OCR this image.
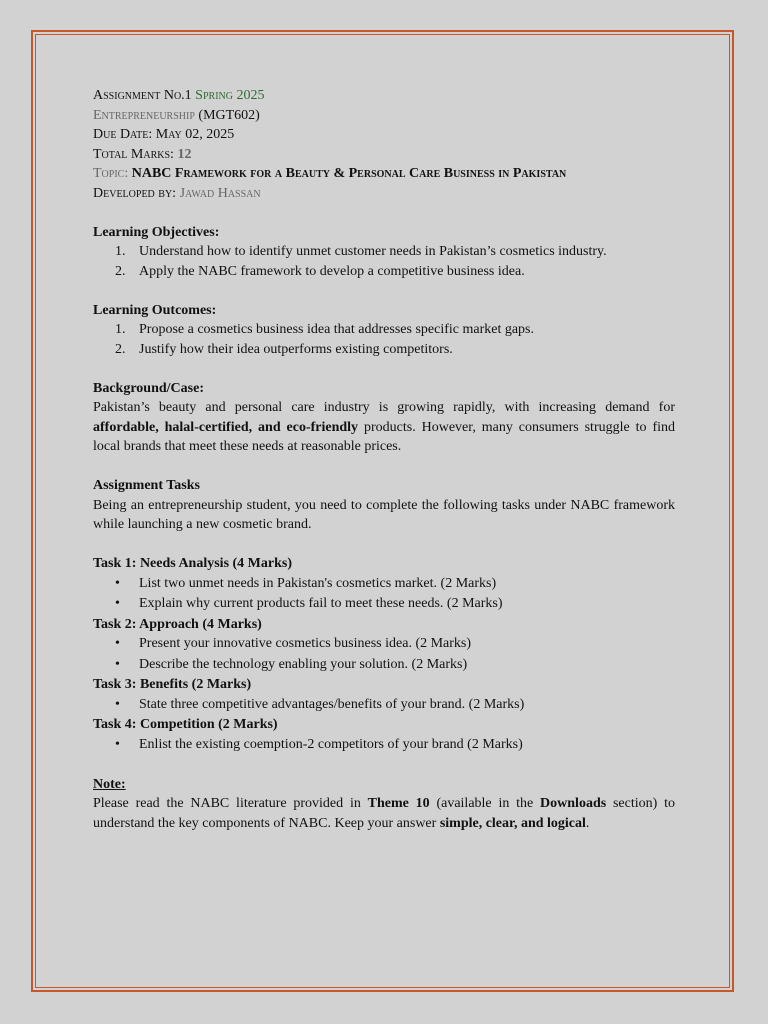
Assignment No.1 Spring 2025
Entrepreneurship (MGT602)
Due Date: May 02, 2025
Total Marks: 12
Topic: NABC Framework for a Beauty & Personal Care Business in Pakistan
Developed by: Jawad Hassan
Learning Objectives:
1. Understand how to identify unmet customer needs in Pakistan’s cosmetics industry.
2. Apply the NABC framework to develop a competitive business idea.
Learning Outcomes:
1. Propose a cosmetics business idea that addresses specific market gaps.
2. Justify how their idea outperforms existing competitors.
Background/Case:
Pakistan’s beauty and personal care industry is growing rapidly, with increasing demand for affordable, halal-certified, and eco-friendly products. However, many consumers struggle to find local brands that meet these needs at reasonable prices.
Assignment Tasks
Being an entrepreneurship student, you need to complete the following tasks under NABC framework while launching a new cosmetic brand.
Task 1: Needs Analysis (4 Marks)
•	List two unmet needs in Pakistan's cosmetics market. (2 Marks)
•	Explain why current products fail to meet these needs. (2 Marks)
Task 2: Approach (4 Marks)
•	Present your innovative cosmetics business idea. (2 Marks)
•	Describe the technology enabling your solution. (2 Marks)
Task 3: Benefits (2 Marks)
•	State three competitive advantages/benefits of your brand. (2 Marks)
Task 4: Competition (2 Marks)
•	Enlist the existing coemption-2 competitors of your brand (2 Marks)
Note:
Please read the NABC literature provided in Theme 10 (available in the Downloads section) to understand the key components of NABC. Keep your answer simple, clear, and logical.
